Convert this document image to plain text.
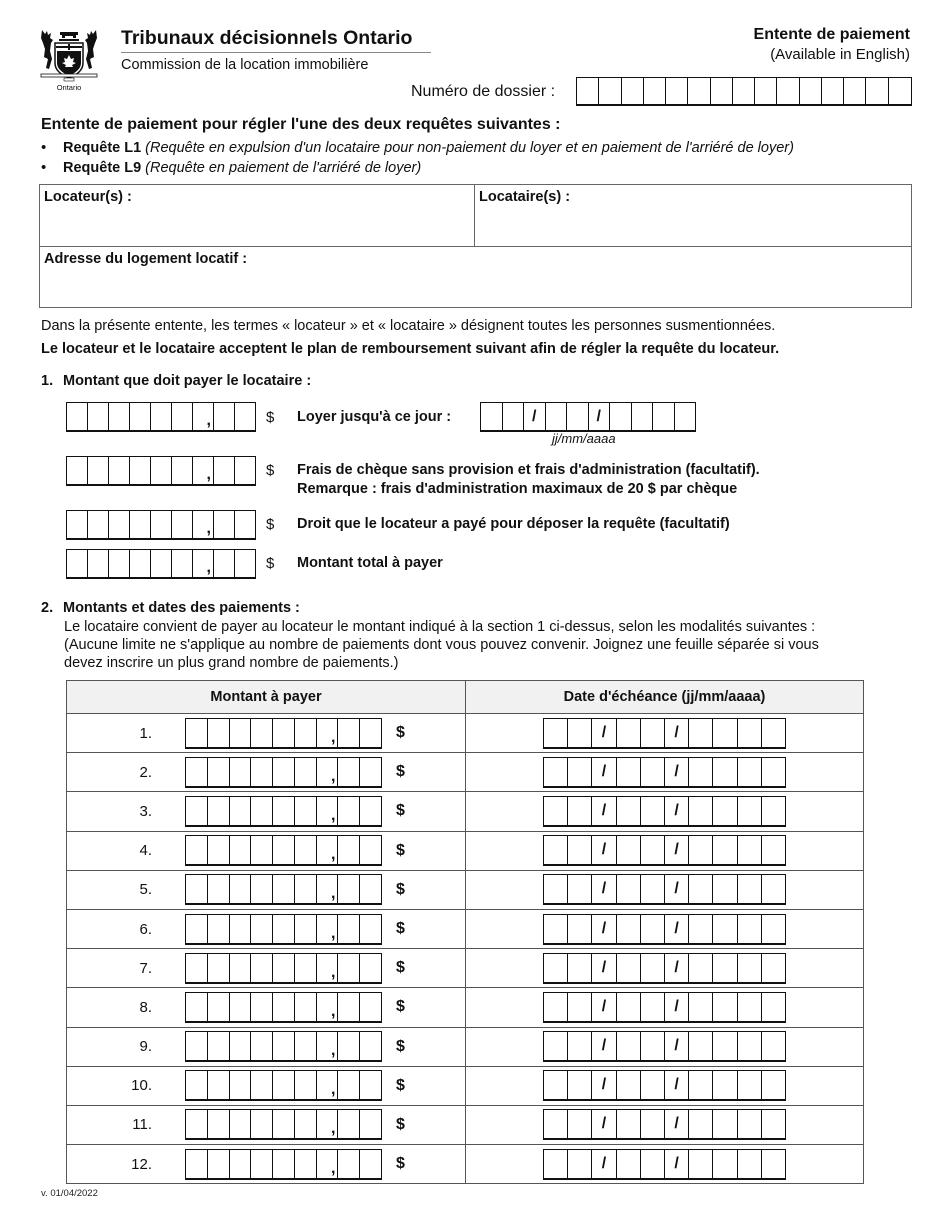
Ontario
Tribunaux décisionnels Ontario
Commission de la location immobilière
Entente de paiement
(Available in English)
Numéro de dossier :
Entente de paiement pour régler l'une des deux requêtes suivantes :
•	Requête L1 (Requête en expulsion d'un locataire pour non-paiement du loyer et en paiement de l'arriéré de loyer)
•	Requête L9 (Requête en paiement de l'arriéré de loyer)
Locateur(s) :	Locataire(s) :
Adresse du logement locatif :
Dans la présente entente, les termes « locateur » et « locataire » désignent toutes les personnes susmentionnées.
Le locateur et le locataire acceptent le plan de remboursement suivant afin de régler la requête du locateur.
1. Montant que doit payer le locataire :
,	$ Loyer jusqu'à ce jour :	/	/
jj/mm/aaaa
,	$ Frais de chèque sans provision et frais d'administration (facultatif).
Remarque : frais d'administration maximaux de 20 $ par chèque
,	$ Droit que le locateur a payé pour déposer la requête (facultatif)
,	$ Montant total à payer
2. Montants et dates des paiements :
Le locataire convient de payer au locateur le montant indiqué à la section 1 ci-dessus, selon les modalités suivantes :
(Aucune limite ne s'applique au nombre de paiements dont vous pouvez convenir. Joignez une feuille séparée si vous
devez inscrire un plus grand nombre de paiements.)
Montant à payer	Date d'échéance (jj/mm/aaaa)

1.	,	$	/	/

2.	,	$	/	/

3.	,	$	/	/

4.	,	$	/	/

5.	,	$	/	/

6.	,	$	/	/

7.	,	$	/	/

8.	,	$	/	/

9.	,	$	/	/

10.	,	$	/	/

11.	,	$	/	/

12.	,	$	/	/
v. 01/04/2022
